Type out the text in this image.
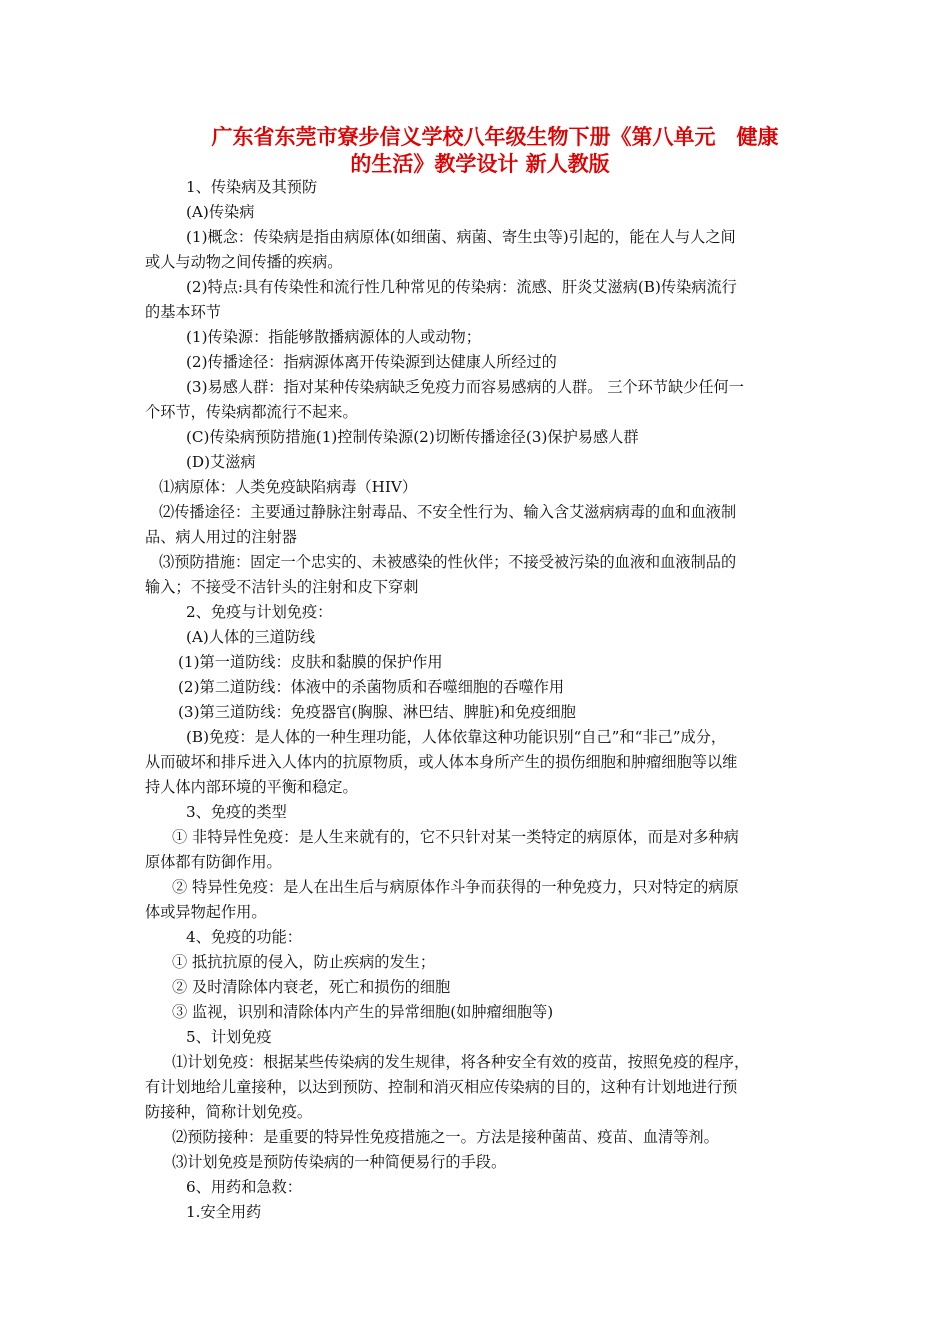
广东省东莞市寮步信义学校八年级生物下册《第八单元　健康
的生活》教学设计 新人教版
1、传染病及其预防
(A)传染病
(1)概念：传染病是指由病原体(如细菌、病菌、寄生虫等)引起的，能在人与人之间
或人与动物之间传播的疾病。
(2)特点:具有传染性和流行性几种常见的传染病：流感、肝炎艾滋病(B)传染病流行
的基本环节
(1)传染源：指能够散播病源体的人或动物；
(2)传播途径：指病源体离开传染源到达健康人所经过的
(3)易感人群：指对某种传染病缺乏免疫力而容易感病的人群。 三个环节缺少任何一
个环节，传染病都流行不起来。
(C)传染病预防措施(1)控制传染源(2)切断传播途径(3)保护易感人群
(D)艾滋病
⑴病原体：人类免疫缺陷病毒（HIV）
⑵传播途径：主要通过静脉注射毒品、不安全性行为、输入含艾滋病病毒的血和血液制
品、病人用过的注射器
⑶预防措施：固定一个忠实的、未被感染的性伙伴；不接受被污染的血液和血液制品的
输入；不接受不洁针头的注射和皮下穿刺
2、免疫与计划免疫：
(A)人体的三道防线
(1)第一道防线：皮肤和黏膜的保护作用
(2)第二道防线：体液中的杀菌物质和吞噬细胞的吞噬作用
(3)第三道防线：免疫器官(胸腺、淋巴结、脾脏)和免疫细胞
(B)免疫：是人体的一种生理功能，人体依靠这种功能识别“自己”和“非己”成分，
从而破坏和排斥进入人体内的抗原物质，或人体本身所产生的损伤细胞和肿瘤细胞等以维
持人体内部环境的平衡和稳定。
3、免疫的类型
① 非特异性免疫：是人生来就有的，它不只针对某一类特定的病原体，而是对多种病
原体都有防御作用。
② 特异性免疫：是人在出生后与病原体作斗争而获得的一种免疫力，只对特定的病原
体或异物起作用。
4、免疫的功能：
① 抵抗抗原的侵入，防止疾病的发生；
② 及时清除体内衰老，死亡和损伤的细胞
③ 监视，识别和清除体内产生的异常细胞(如肿瘤细胞等)
5、计划免疫
⑴计划免疫：根据某些传染病的发生规律，将各种安全有效的疫苗，按照免疫的程序，
有计划地给儿童接种，以达到预防、控制和消灭相应传染病的目的，这种有计划地进行预
防接种，简称计划免疫。
⑵预防接种：是重要的特异性免疫措施之一。方法是接种菌苗、疫苗、血清等剂。
⑶计划免疫是预防传染病的一种简便易行的手段。
6、用药和急救：
1.安全用药
